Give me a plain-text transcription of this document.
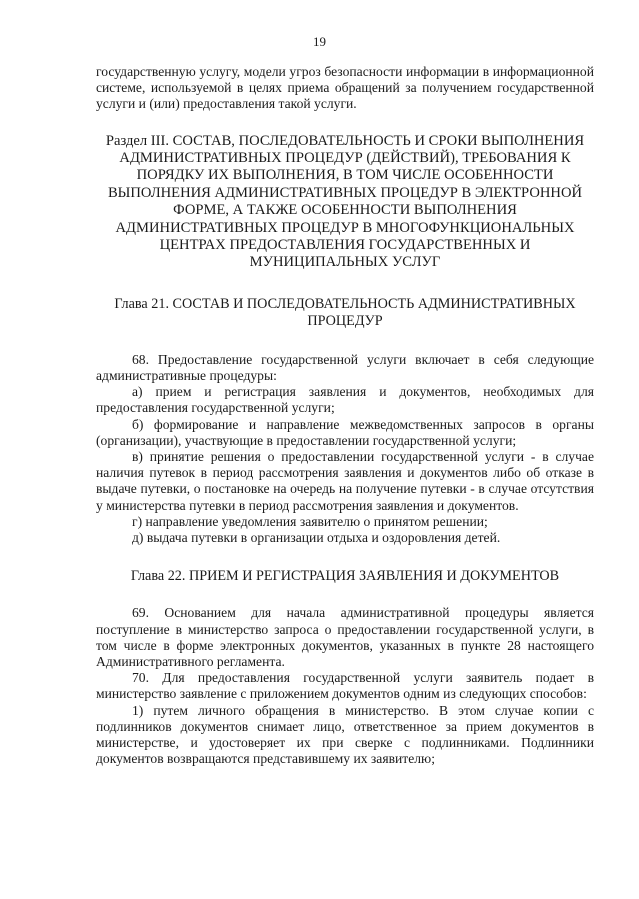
19

государственную услугу, модели угроз безопасности информации в информационной системе, используемой в целях приема обращений за получением государственной услуги и (или) предоставления такой услуги.

Раздел III. СОСТАВ, ПОСЛЕДОВАТЕЛЬНОСТЬ И СРОКИ ВЫПОЛНЕНИЯ АДМИНИСТРАТИВНЫХ ПРОЦЕДУР (ДЕЙСТВИЙ), ТРЕБОВАНИЯ К ПОРЯДКУ ИХ ВЫПОЛНЕНИЯ, В ТОМ ЧИСЛЕ ОСОБЕННОСТИ ВЫПОЛНЕНИЯ АДМИНИСТРАТИВНЫХ ПРОЦЕДУР В ЭЛЕКТРОННОЙ ФОРМЕ, А ТАКЖЕ ОСОБЕННОСТИ ВЫПОЛНЕНИЯ АДМИНИСТРАТИВНЫХ ПРОЦЕДУР В МНОГОФУНКЦИОНАЛЬНЫХ ЦЕНТРАХ ПРЕДОСТАВЛЕНИЯ ГОСУДАРСТВЕННЫХ И МУНИЦИПАЛЬНЫХ УСЛУГ
Глава 21. СОСТАВ И ПОСЛЕДОВАТЕЛЬНОСТЬ АДМИНИСТРАТИВНЫХ ПРОЦЕДУР

68. Предоставление государственной услуги включает в себя следующие административные процедуры:

а) прием и регистрация заявления и документов, необходимых для предоставления государственной услуги;

б) формирование и направление межведомственных запросов в органы (организации), участвующие в предоставлении государственной услуги;

в) принятие решения о предоставлении государственной услуги - в случае наличия путевок в период рассмотрения заявления и документов либо об отказе в выдаче путевки, о постановке на очередь на получение путевки - в случае отсутствия у министерства путевки в период рассмотрения заявления и документов.

г) направление уведомления заявителю о принятом решении;

д) выдача путевки в организации отдыха и оздоровления детей.

Глава 22. ПРИЕМ И РЕГИСТРАЦИЯ ЗАЯВЛЕНИЯ И ДОКУМЕНТОВ

69. Основанием для начала административной процедуры является поступление в министерство запроса о предоставлении государственной услуги, в том числе в форме электронных документов, указанных в пункте 28 настоящего Административного регламента.

70. Для предоставления государственной услуги заявитель подает в министерство заявление с приложением документов одним из следующих способов:

1) путем личного обращения в министерство. В этом случае копии с подлинников документов снимает лицо, ответственное за прием документов в министерстве, и удостоверяет их при сверке с подлинниками. Подлинники документов возвращаются представившему их заявителю;
